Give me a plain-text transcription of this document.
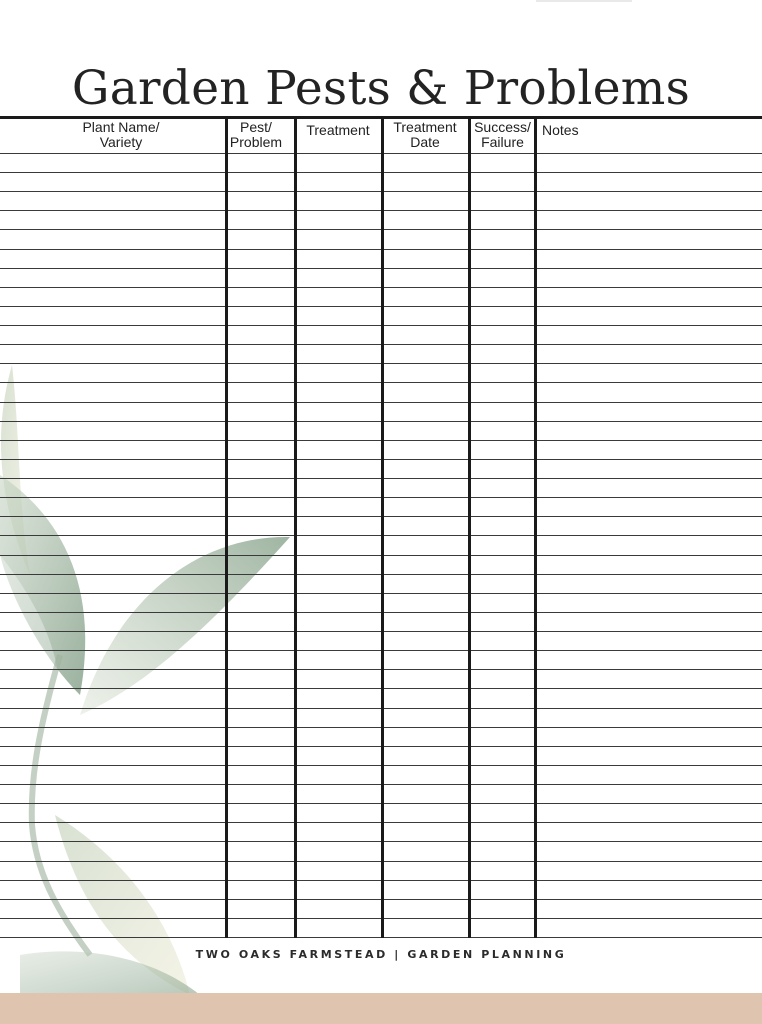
Garden Pests & Problems
Plant Name/
Variety
Pest/
Problem
Treatment	Treatment
Date
Success/
Failure
Notes
TWO OAKS FARMSTEAD | GARDEN PLANNING
